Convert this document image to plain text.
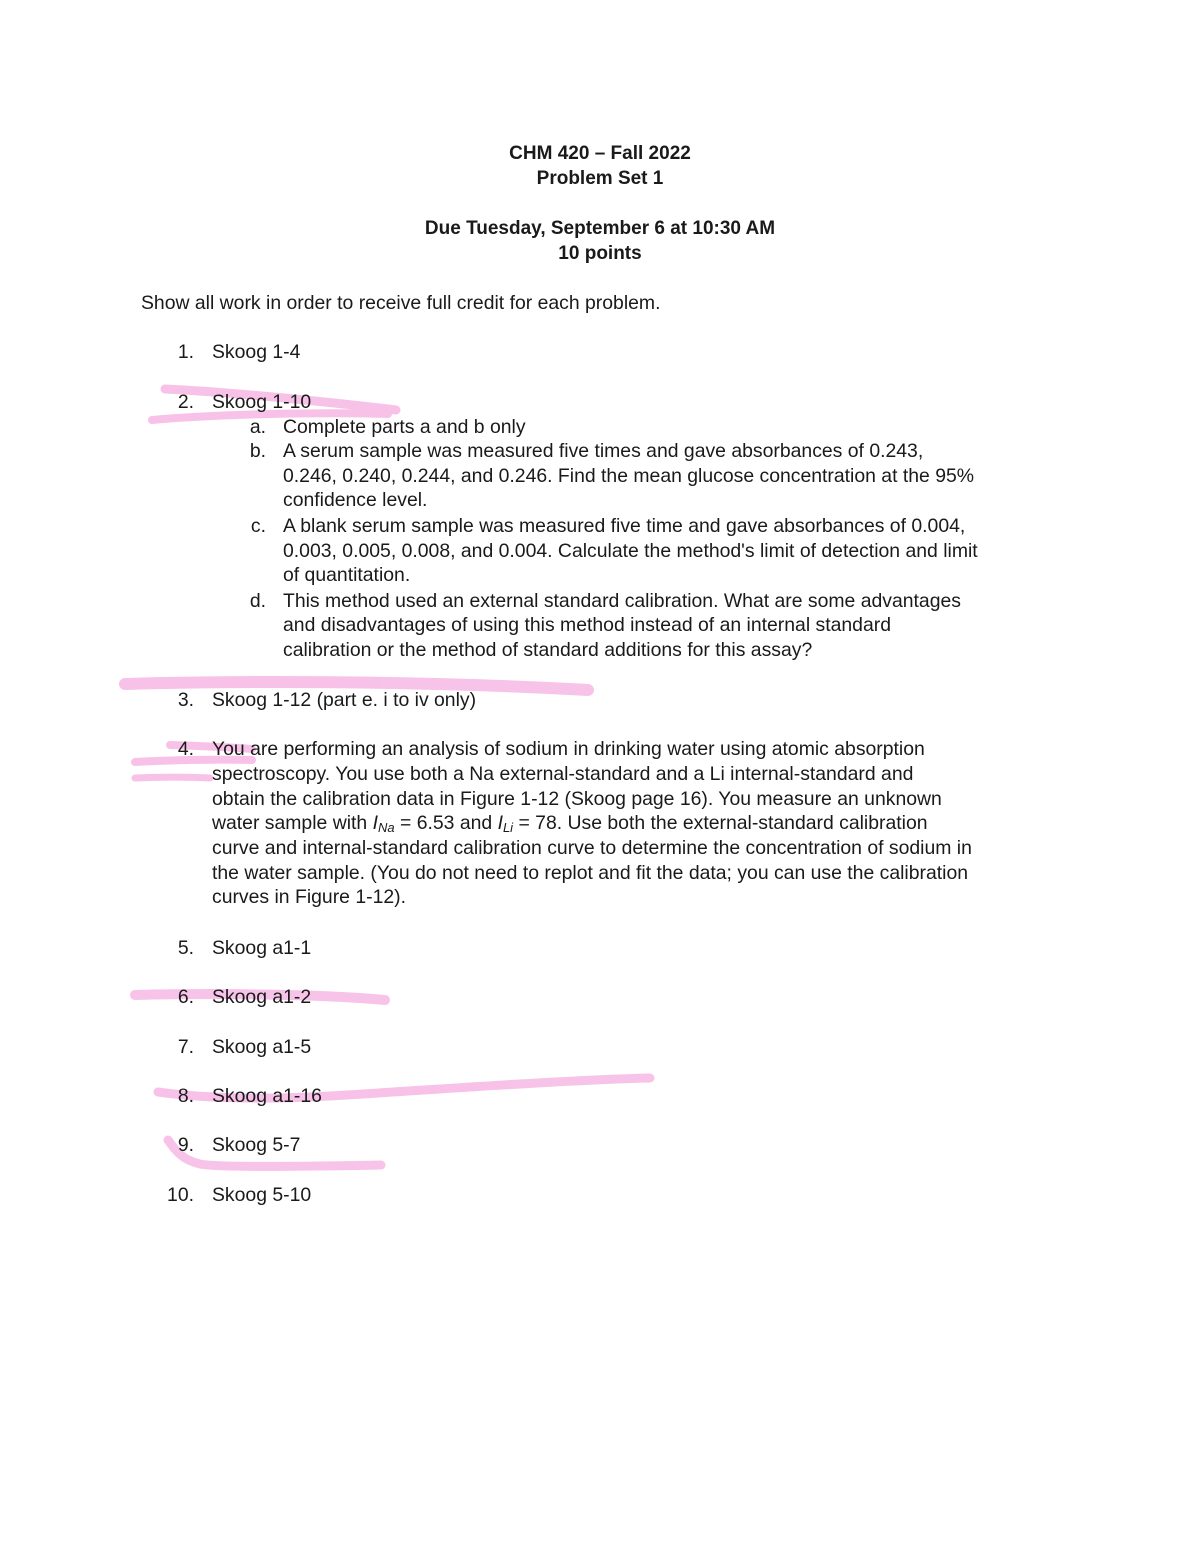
CHM 420 – Fall 2022
Problem Set 1
Due Tuesday, September 6 at 10:30 AM
10 points
Show all work in order to receive full credit for each problem.
1. Skoog 1-4
2. Skoog 1-10
a. Complete parts a and b only
b. A serum sample was measured five times and gave absorbances of 0.243,
0.246, 0.240, 0.244, and 0.246. Find the mean glucose concentration at the 95%
confidence level.
c. A blank serum sample was measured five time and gave absorbances of 0.004,
0.003, 0.005, 0.008, and 0.004. Calculate the method's limit of detection and limit
of quantitation.
d. This method used an external standard calibration. What are some advantages
and disadvantages of using this method instead of an internal standard
calibration or the method of standard additions for this assay?
3. Skoog 1-12 (part e. i to iv only)
4. You are performing an analysis of sodium in drinking water using atomic absorption
spectroscopy. You use both a Na external-standard and a Li internal-standard and
obtain the calibration data in Figure 1-12 (Skoog page 16). You measure an unknown
water sample with INa = 6.53 and ILi = 78. Use both the external-standard calibration
curve and internal-standard calibration curve to determine the concentration of sodium in
the water sample. (You do not need to replot and fit the data; you can use the calibration
curves in Figure 1-12).
5. Skoog a1-1
6. Skoog a1-2
7. Skoog a1-5
8. Skoog a1-16
9. Skoog 5-7
10. Skoog 5-10
